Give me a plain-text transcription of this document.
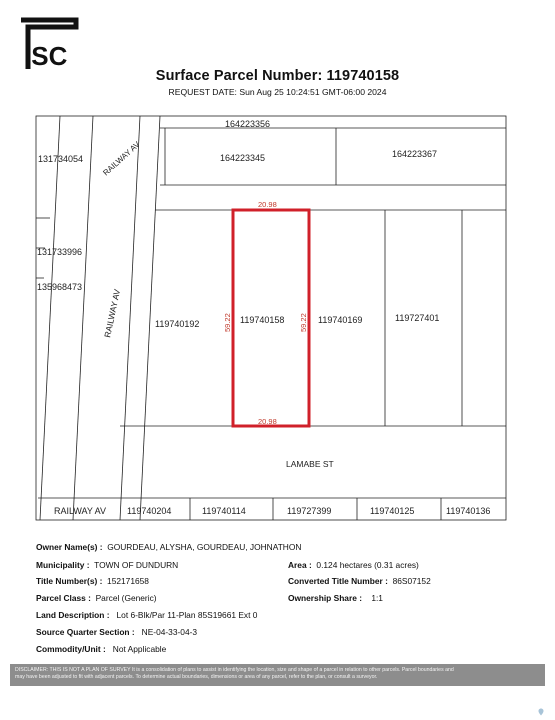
ISC
Surface Parcel Number: 119740158
REQUEST DATE: Sun Aug 25 10:24:51 GMT-06:00 2024
164223356
164223345	164223367
131734054
131733996
135968473
119740192	119740158	119740169	119727401
LAMABE ST
RAILWAY AV 119740204	119740114	119727399	119740125	119740136
RAILWAY AV
RAILWAY AV
20.98
20.98
59.22	59.22
Owner Name(s) : GOURDEAU, ALYSHA, GOURDEAU, JOHNATHON
Municipality : TOWN OF DUNDURN	Area : 0.124 hectares (0.31 acres)
Title Number(s) : 152171658	Converted Title Number : 86S07152
Parcel Class : Parcel (Generic)	Ownership Share : 1:1
Land Description : Lot 6-Blk/Par 11-Plan 85S19661 Ext 0
Source Quarter Section : NE-04-33-04-3
Commodity/Unit : Not Applicable
DISCLAIMER: THIS IS NOT A PLAN OF SURVEY It is a consolidation of plans to assist in identifying the location, size and shape of a parcel in relation to other parcels. Parcel boundaries and
may have been adjusted to fit with adjacent parcels. To determine actual boundaries, dimensions or area of any parcel, refer to the plan, or consult a surveyor.
